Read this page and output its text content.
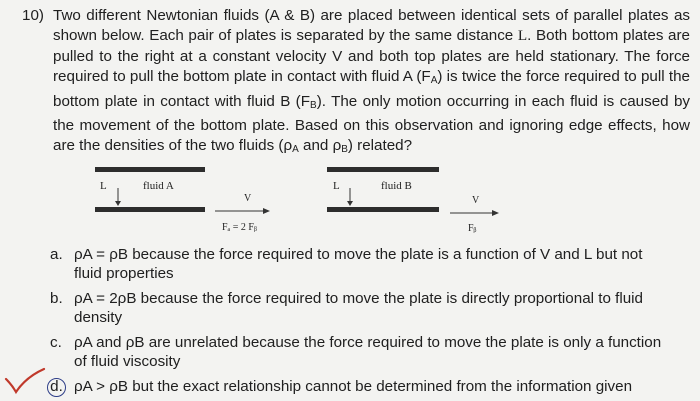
10) Two different Newtonian fluids (A & B) are placed between identical sets of parallel plates as shown below. Each pair of plates is separated by the same distance L. Both bottom plates are pulled to the right at a constant velocity V and both top plates are held stationary. The force required to pull the bottom plate in contact with fluid A $(F_A)$ is twice the force required to pull the bottom plate in contact with fluid B $(F_B)$. The only motion occurring in each fluid is caused by the movement of the bottom plate. Based on this observation and ignoring edge effects, how are the densities of the two fluids ($\rho_A$ and $\rho_B$) related?
L	fluid A
V
Fₐ = 2 Fᵦ
L	fluid B
V
Fᵦ
a. ρA = ρB because the force required to move the plate is a function of V and L but not
fluid properties
b. ρA = 2ρB because the force required to move the plate is directly proportional to fluid
density
c. ρA and ρB are unrelated because the force required to move the plate is only a function
of fluid viscosity
d. ρA > ρB but the exact relationship cannot be determined from the information given
